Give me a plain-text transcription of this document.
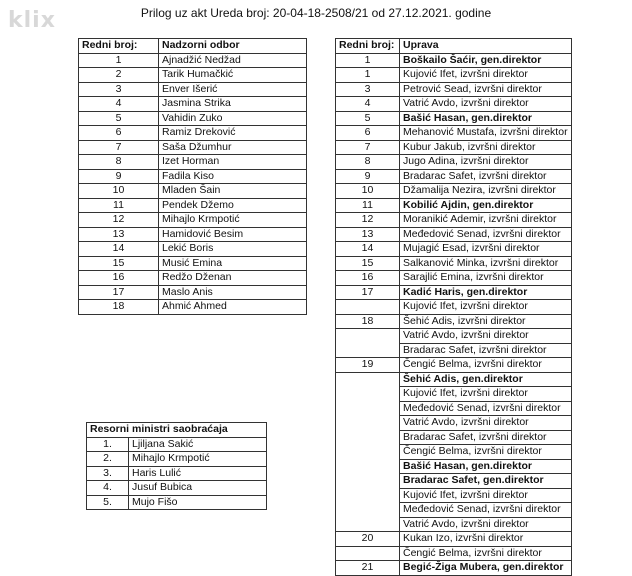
klix	Prilog uz akt Ureda broj: 20-04-18-2508/21 od 27.12.2021. godine
Redni broj:	Nadzorni odbor
1	Ajnadžić Nedžad
2	Tarik Humačkić
3	Enver Išerić
4	Jasmina Strika
5	Vahidin Zuko
6	Ramiz Dreković
7	Saša Džumhur
8	Izet Horman
9	Fadila Kiso
10	Mladen Šain
11	Pendek Džemo
12	Mihajlo Krmpotić
13	Hamidović Besim
14	Lekić Boris
15	Musić Emina
16	Redžo Dženan
17	Maslo Anis
18	Ahmić Ahmed
Redni broj:	Uprava
1	Boškailo Šaćir, gen.direktor
1	Kujović Ifet, izvršni direktor
3	Petrović Sead, izvršni direktor
4	Vatrić Avdo, izvršni direktor
5	Bašić Hasan, gen.direktor
6	Mehanović Mustafa, izvršni direktor
7	Kubur Jakub, izvršni direktor
8	Jugo Adina, izvršni direktor
9	Bradarac Safet, izvršni direktor
10	Džamalija Nezira, izvršni direktor
11	Kobilić Ajdin, gen.direktor
12	Moranikić Ademir, izvršni direktor
13	Međedović Senad, izvršni direktor
14	Mujagić Esad, izvršni direktor
15	Salkanović Minka, izvršni direktor
16	Sarajlić Emina, izvršni direktor
17	Kadić Haris, gen.direktor
	Kujović Ifet, izvršni direktor
18	Šehić Adis, izvršni direktor
	Vatrić Avdo, izvršni direktor
	Bradarac Safet, izvršni direktor
19	Čengić Belma, izvršni direktor
	Šehić Adis, gen.direktor
	Kujović Ifet, izvršni direktor
	Međedović Senad, izvršni direktor
	Vatrić Avdo, izvršni direktor
	Bradarac Safet, izvršni direktor
	Čengić Belma, izvršni direktor
	Bašić Hasan, gen.direktor
	Bradarac Safet, gen.direktor
	Kujović Ifet, izvršni direktor
	Međedović Senad, izvršni direktor
	Vatrić Avdo, izvršni direktor
20	Kukan Izo, izvršni direktor
	Čengić Belma, izvršni direktor
21	Begić-Žiga Mubera, gen.direktor
Resorni ministri saobraćaja	
1.	Ljiljana Sakić
2.	Mihajlo Krmpotić
3.	Haris Lulić
4.	Jusuf Bubica
5.	Mujo Fišo
